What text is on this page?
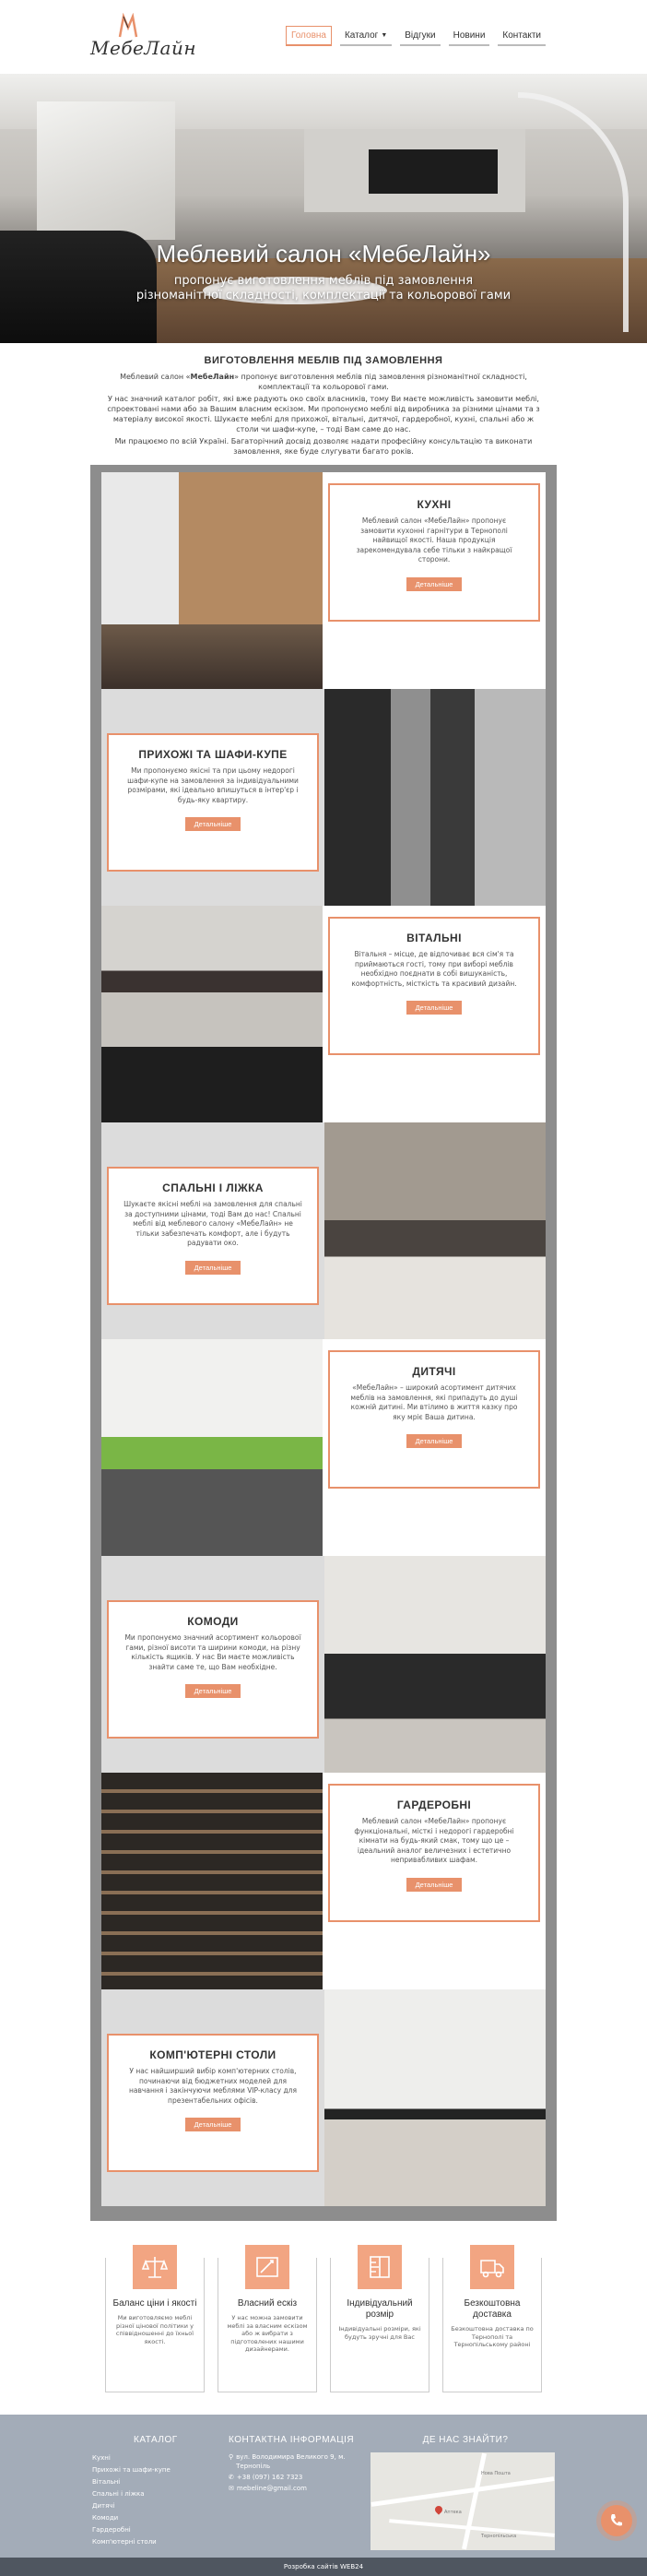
МебеЛайн
Головна Каталог ▼ Відгуки Новини Контакти
Меблевий салон «МебеЛайн»

пропонує виготовлення меблів під замовлення

різноманітної складності, комплектації та кольорової гами

ВИГОТОВЛЕННЯ МЕБЛІВ ПІД ЗАМОВЛЕННЯ

Меблевий салон «МебеЛайн» пропонує виготовлення меблів під замовлення різноманітної складності, комплектації та кольорової гами.

У нас значний каталог робіт, які вже радують око своїх власників, тому Ви маєте можливість замовити меблі, спроектовані нами або за Вашим власним ескізом. Ми пропонуємо меблі від виробника за різними цінами та з матеріалу високої якості. Шукаєте меблі для прихожої, вітальні, дитячої, гардеробної, кухні, спальні або ж столи чи шафи-купе, – тоді Вам саме до нас.

Ми працюємо по всій Україні. Багаторічний досвід дозволяє надати професійну консультацію та виконати замовлення, яке буде слугувати багато років.

КУХНІ

Меблевий салон «МебеЛайн» пропонує замовити кухонні гарнітури в Тернополі найвищої якості. Наша продукція зарекомендувала себе тільки з найкращої сторони.

Детальніше
ПРИХОЖІ ТА ШАФИ-КУПЕ

Ми пропонуємо якісні та при цьому недорогі шафи-купе на замовлення за індивідуальними розмірами, які ідеально впишуться в інтер'єр і будь-яку квартиру.

Детальніше
ВІТАЛЬНІ

Вітальня – місце, де відпочиває вся сім'я та приймаються гості, тому при виборі меблів необхідно поєднати в собі вишуканість, комфортність, місткість та красивий дизайн.

Детальніше
СПАЛЬНІ І ЛІЖКА

Шукаєте якісні меблі на замовлення для спальні за доступними цінами, тоді Вам до нас! Спальні меблі від меблевого салону «МебеЛайн» не тільки забезпечать комфорт, але і будуть радувати око.

Детальніше
ДИТЯЧІ

«МебеЛайн» – широкий асортимент дитячих меблів на замовлення, які припадуть до душі кожній дитині. Ми втілимо в життя казку про яку мріє Ваша дитина.

Детальніше
КОМОДИ

Ми пропонуємо значний асортимент кольорової гами, різної висоти та ширини комоди, на різну кількість ящиків. У нас Ви маєте можливість знайти саме те, що Вам необхідне.

Детальніше
ГАРДЕРОБНІ

Меблевий салон «МебеЛайн» пропонує функціональні, місткі і недорогі гардеробні кімнати на будь-який смак, тому що це – ідеальний аналог величезних і естетично непривабливих шафам.

Детальніше
КОМП'ЮТЕРНІ СТОЛИ

У нас найширший вибір комп'ютерних столів, починаючи від бюджетних моделей для навчання і закінчуючи меблями VIP-класу для презентабельних офісів.

Детальніше
Баланс ціни і якості

Ми виготовляємо меблі різної цінової політики у співвідношенні до їхньої якості.

Власний ескіз

У нас можна замовити меблі за власним ескізом або ж вибрати з підготовлених нашими дизайнерами.

Індивідуальний розмір

Індивідуальні розміри, які будуть зручні для Вас

Безкоштовна доставка

Безкоштовна доставка по Тернополі та Тернопільському районі

КАТАЛОГ
Кухні
Прихожі та шафи-купе
Вітальні
Спальні і ліжка
Дитячі
Комоди
Гардеробні
Комп'ютерні столи
КОНТАКТНА ІНФОРМАЦІЯ
⚲ вул. Володимира Великого 9, м. Тернопіль
✆ +38 (097) 162 7323
✉ mebeline@gmail.com
ДЕ НАС ЗНАЙТИ?
Нова Пошта
Аптека
Тернопільська
Розробка сайтів WEB24
